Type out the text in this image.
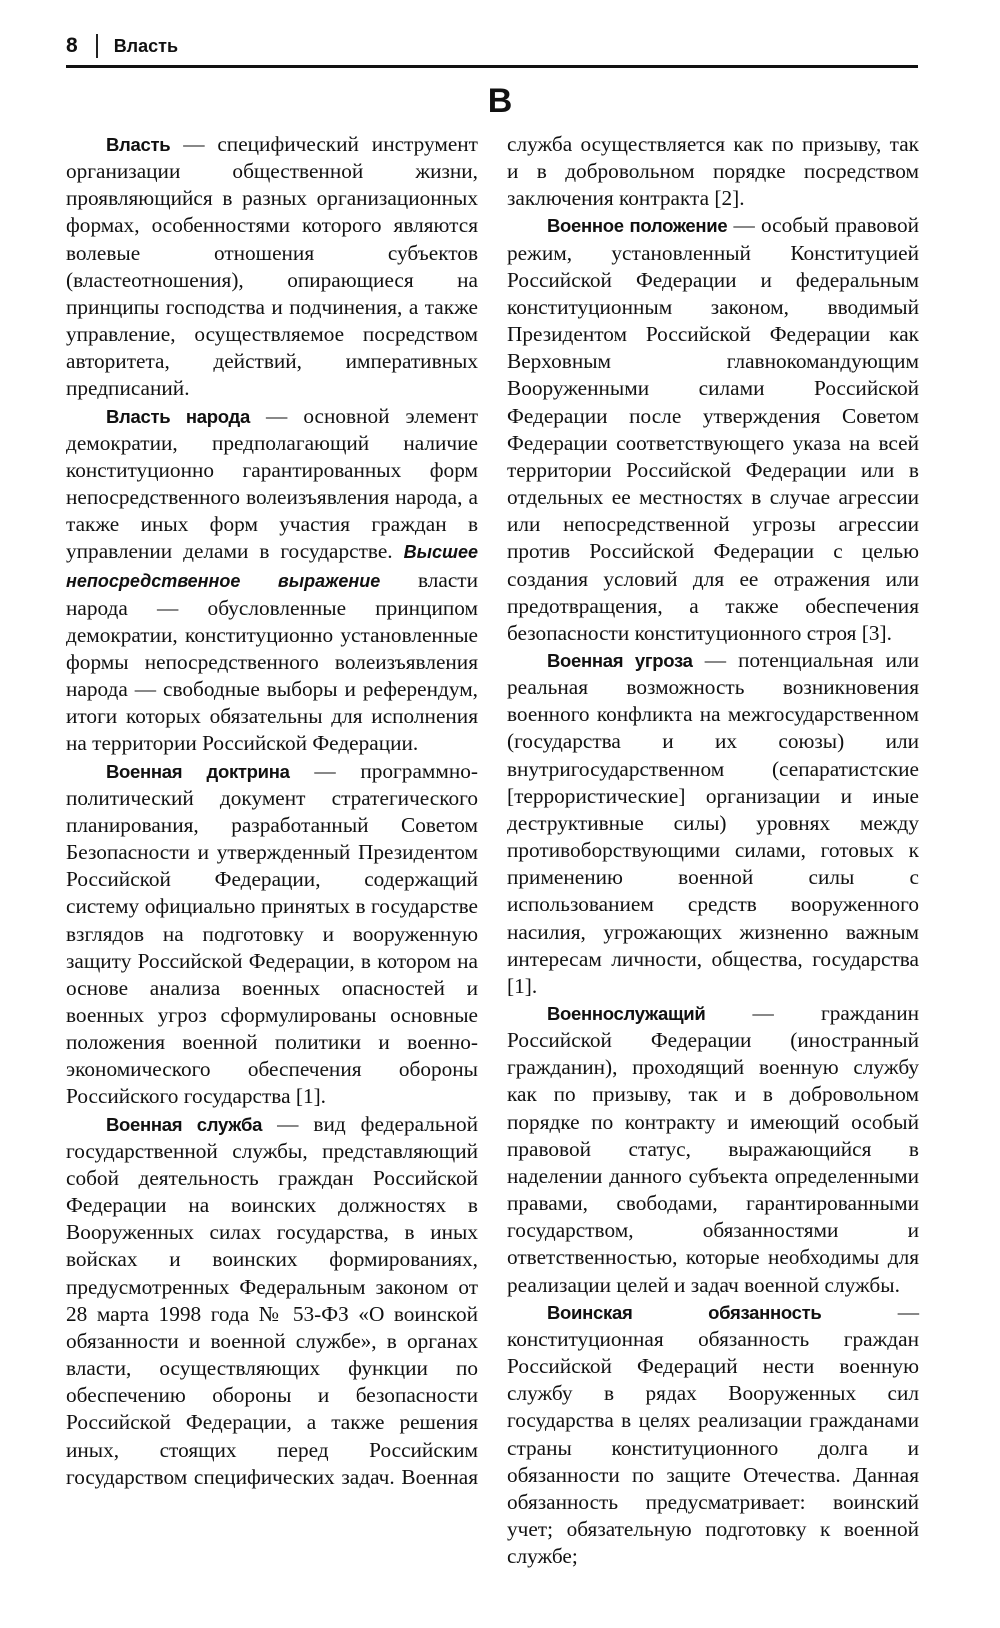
8 Власть
В

Власть — специфический инструмент организации общественной жизни, проявляющийся в разных организационных формах, особенностями которого являются волевые отношения субъектов (властеотношения), опирающиеся на принципы господства и подчинения, а также управление, осуществляемое посредством авторитета, действий, императивных предписаний.

Власть народа — основной элемент демократии, предполагающий наличие конституционно гарантированных форм непосредственного волеизъявления народа, а также иных форм участия граждан в управлении делами в государстве. Высшее непосредственное выражение власти народа — обусловленные принципом демократии, конституционно установленные формы непосредственного волеизъявления народа — свободные выборы и референдум, итоги которых обязательны для исполнения на территории Российской Федерации.

Военная доктрина — программно-политический документ стратегического планирования, разработанный Советом Безопасности и утвержденный Президентом Российской Федерации, содержащий систему официально принятых в государстве взглядов на подготовку и вооруженную защиту Российской Федерации, в котором на основе анализа военных опасностей и военных угроз сформулированы основные положения военной политики и военно-экономического обеспечения обороны Российского государства [1].

Военная служба — вид федеральной государственной службы, представляющий собой деятельность граждан Российской Федерации на воинских должностях в Вооруженных силах государства, в иных войсках и воинских формированиях, предусмотренных Федеральным законом от 28 марта 1998 года № 53-ФЗ «О воинской обязанности и военной службе», в органах власти, осуществляющих функции по обеспечению обороны и безопасности Российской Федерации, а также решения иных, стоящих перед Российским государством специфических задач. Военная

служба осуществляется как по призыву, так и в добровольном порядке посредством заключения контракта [2].

Военное положение — особый правовой режим, установленный Конституцией Российской Федерации и федеральным конституционным законом, вводимый Президентом Российской Федерации как Верховным главнокомандующим Вооруженными силами Российской Федерации после утверждения Советом Федерации соответствующего указа на всей территории Российской Федерации или в отдельных ее местностях в случае агрессии или непосредственной угрозы агрессии против Российской Федерации с целью создания условий для ее отражения или предотвращения, а также обеспечения безопасности конституционного строя [3].

Военная угроза — потенциальная или реальная возможность возникновения военного конфликта на межгосударственном (государства и их союзы) или внутригосударственном (сепаратистские [террористические] организации и иные деструктивные силы) уровнях между противоборствующими силами, готовых к применению военной силы с использованием средств вооруженного насилия, угрожающих жизненно важным интересам личности, общества, государства [1].

Военнослужащий — гражданин Российской Федерации (иностранный гражданин), проходящий военную службу как по призыву, так и в добровольном порядке по контракту и имеющий особый правовой статус, выражающийся в наделении данного субъекта определенными правами, свободами, гарантированными государством, обязанностями и ответственностью, которые необходимы для реализации целей и задач военной службы.

Воинская обязанность — конституционная обязанность граждан Российской Федераций нести военную службу в рядах Вооруженных сил государства в целях реализации гражданами страны конституционного долга и обязанности по защите Отечества. Данная обязанность предусматривает: воинский учет; обязательную подготовку к военной службе;
